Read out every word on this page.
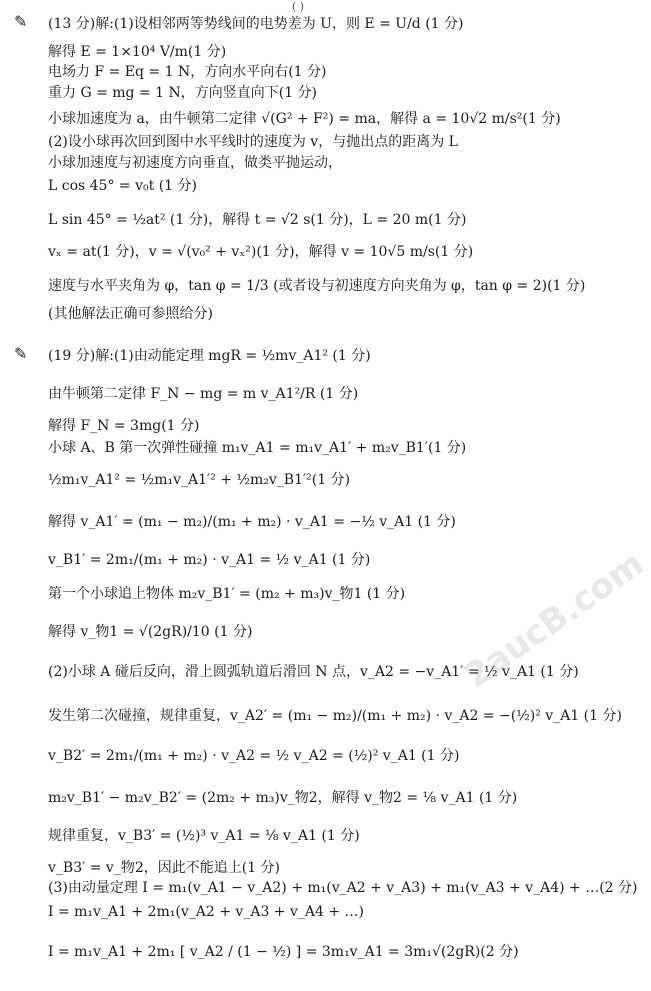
( )
✎
✎
2aucB.com
(13 分)解:(1)设相邻两等势线间的电势差为 U，则 E = U/d (1 分)
解得 E = 1×10⁴ V/m(1 分)
电场力 F = Eq = 1 N，方向水平向右(1 分)
重力 G = mg = 1 N，方向竖直向下(1 分)
小球加速度为 a，由牛顿第二定律 √(G² + F²) = ma，解得 a = 10√2 m/s²(1 分)
(2)设小球再次回到图中水平线时的速度为 v，与抛出点的距离为 L
小球加速度与初速度方向垂直，做类平抛运动，
L cos 45° = v₀t (1 分)
L sin 45° = ½at² (1 分)，解得 t = √2 s(1 分)，L = 20 m(1 分)
vₓ = at(1 分)，v = √(v₀² + vₓ²)(1 分)，解得 v = 10√5 m/s(1 分)
速度与水平夹角为 φ，tan φ = 1/3 (或者设与初速度方向夹角为 φ，tan φ = 2)(1 分)
(其他解法正确可参照给分)
(19 分)解:(1)由动能定理 mgR = ½mv_A1² (1 分)
由牛顿第二定律 F_N − mg = m v_A1²/R (1 分)
解得 F_N = 3mg(1 分)
小球 A、B 第一次弹性碰撞 m₁v_A1 = m₁v_A1′ + m₂v_B1′(1 分)
½m₁v_A1² = ½m₁v_A1′² + ½m₂v_B1′²(1 分)
解得 v_A1′ = (m₁ − m₂)/(m₁ + m₂) · v_A1 = −½ v_A1 (1 分)
v_B1′ = 2m₁/(m₁ + m₂) · v_A1 = ½ v_A1 (1 分)
第一个小球追上物体 m₂v_B1′ = (m₂ + m₃)v_物1 (1 分)
解得 v_物1 = √(2gR)/10 (1 分)
(2)小球 A 碰后反向，滑上圆弧轨道后滑回 N 点，v_A2 = −v_A1′ = ½ v_A1 (1 分)
发生第二次碰撞，规律重复，v_A2′ = (m₁ − m₂)/(m₁ + m₂) · v_A2 = −(½)² v_A1 (1 分)
v_B2′ = 2m₁/(m₁ + m₂) · v_A2 = ½ v_A2 = (½)² v_A1 (1 分)
m₂v_B1′ − m₂v_B2′ = (2m₂ + m₃)v_物2，解得 v_物2 = ⅛ v_A1 (1 分)
规律重复，v_B3′ = (½)³ v_A1 = ⅛ v_A1 (1 分)
v_B3′ = v_物2，因此不能追上(1 分)
(3)由动量定理 I = m₁(v_A1 − v_A2) + m₁(v_A2 + v_A3) + m₁(v_A3 + v_A4) + …(2 分)
I = m₁v_A1 + 2m₁(v_A2 + v_A3 + v_A4 + …)
I = m₁v_A1 + 2m₁ [ v_A2 / (1 − ½) ] = 3m₁v_A1 = 3m₁√(2gR)(2 分)
